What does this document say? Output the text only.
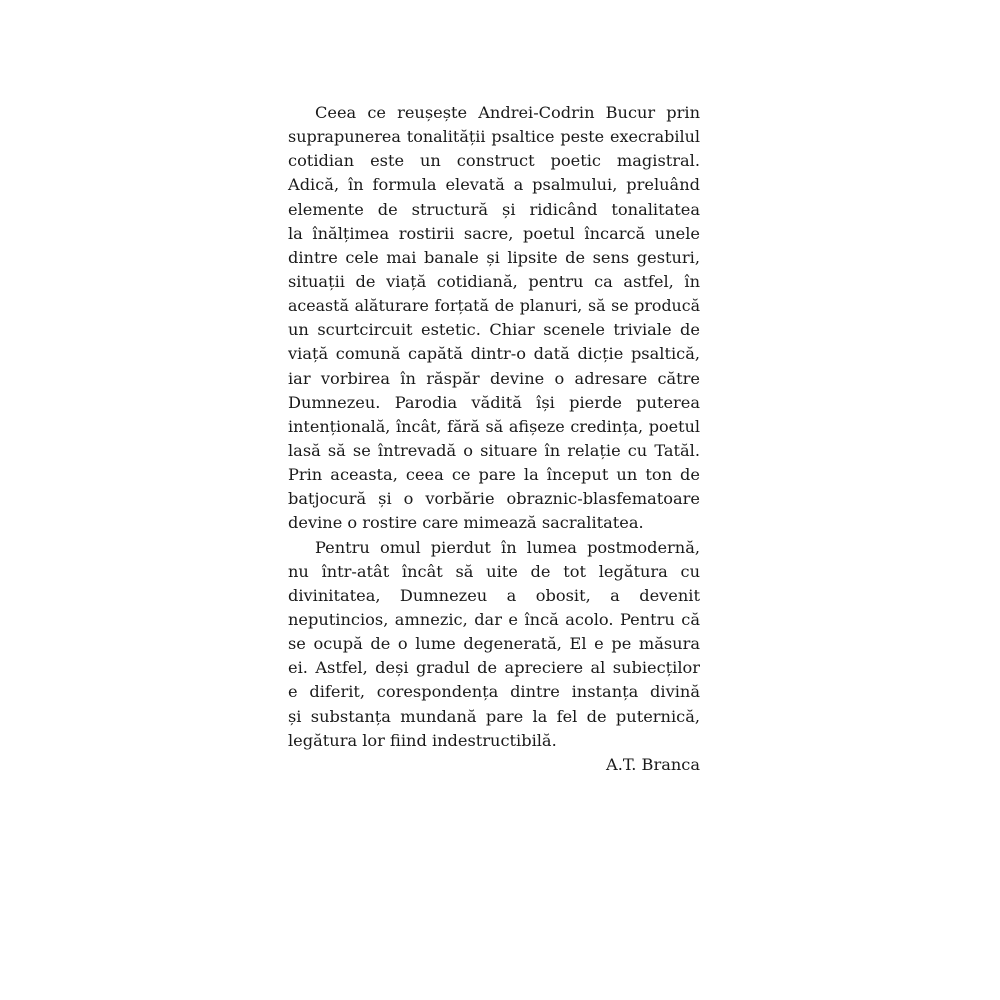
Ceea ce reușește Andrei-Codrin Bucur prin
suprapunerea tonalității psaltice peste execrabilul
cotidian este un construct poetic magistral.
Adică, în formula elevată a psalmului, preluând
elemente de structură și ridicând tonalitatea
la înălțimea rostirii sacre, poetul încarcă unele
dintre cele mai banale și lipsite de sens gesturi,
situații de viață cotidiană, pentru ca astfel, în
această alăturare forțată de planuri, să se producă
un scurtcircuit estetic. Chiar scenele triviale de
viață comună capătă dintr-o dată dicție psaltică,
iar vorbirea în răspăr devine o adresare către
Dumnezeu. Parodia vădită își pierde puterea
intențională, încât, fără să afișeze credința, poetul
lasă să se întrevadă o situare în relație cu Tatăl.
Prin aceasta, ceea ce pare la început un ton de
batjocură și o vorbărie obraznic-blasfematoare
devine o rostire care mimează sacralitatea.
Pentru omul pierdut în lumea postmodernă,
nu într-atât încât să uite de tot legătura cu
divinitatea, Dumnezeu a obosit, a devenit
neputincios, amnezic, dar e încă acolo. Pentru că
se ocupă de o lume degenerată, El e pe măsura
ei. Astfel, deși gradul de apreciere al subiecților
e diferit, corespondența dintre instanța divină
și substanța mundană pare la fel de puternică,
legătura lor fiind indestructibilă.
A.T. Branca
